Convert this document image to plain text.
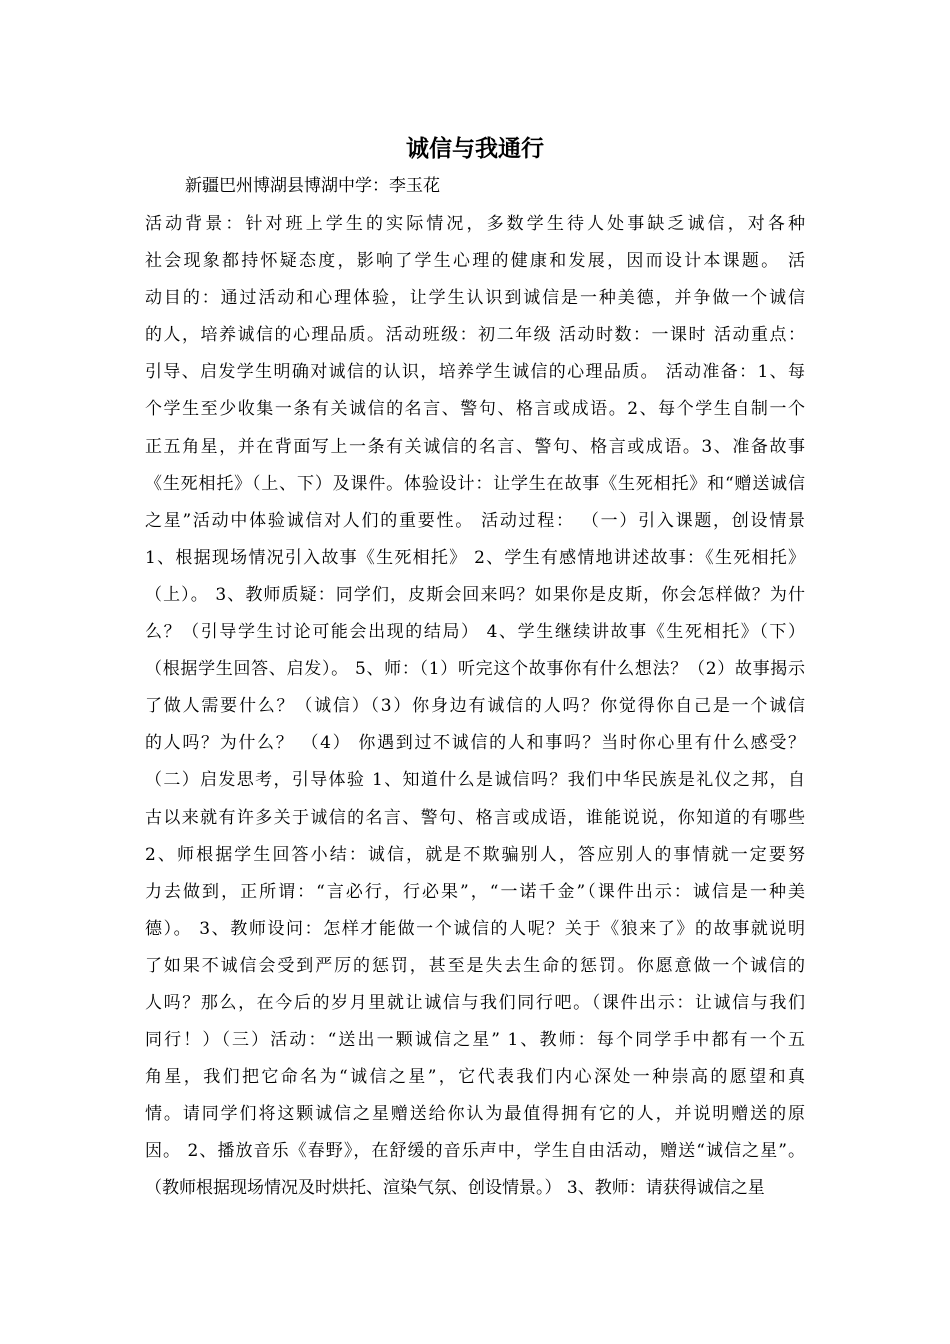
诚信与我通行

新疆巴州博湖县博湖中学：李玉花

活动背景：针对班上学生的实际情况，多数学生待人处事缺乏诚信，对各种
社会现象都持怀疑态度，影响了学生心理的健康和发展，因而设计本课题。 活
动目的：通过活动和心理体验，让学生认识到诚信是一种美德，并争做一个诚信
的人，培养诚信的心理品质。活动班级：初二年级 活动时数：一课时 活动重点：
引导、启发学生明确对诚信的认识，培养学生诚信的心理品质。 活动准备：1、每
个学生至少收集一条有关诚信的名言、警句、格言或成语。2、每个学生自制一个
正五角星，并在背面写上一条有关诚信的名言、警句、格言或成语。3、准备故事
《生死相托》（上、下）及课件。体验设计：让学生在故事《生死相托》和“赠送诚信
之星”活动中体验诚信对人们的重要性。 活动过程： （一）引入课题，创设情景
1、根据现场情况引入故事《生死相托》 2、学生有感情地讲述故事：《生死相托》
（上）。 3、教师质疑：同学们，皮斯会回来吗？如果你是皮斯，你会怎样做？为什
么？（引导学生讨论可能会出现的结局） 4、学生继续讲故事《生死相托》（下）
（根据学生回答、启发）。 5、师：（1）听完这个故事你有什么想法？（2）故事揭示
了做人需要什么？（诚信）（3）你身边有诚信的人吗？你觉得你自己是一个诚信
的人吗？为什么？ （4） 你遇到过不诚信的人和事吗？当时你心里有什么感受？
（二）启发思考，引导体验 1、知道什么是诚信吗？我们中华民族是礼仪之邦，自
古以来就有许多关于诚信的名言、警句、格言或成语，谁能说说，你知道的有哪些
2、师根据学生回答小结：诚信，就是不欺骗别人，答应别人的事情就一定要努
力去做到，正所谓：“言必行，行必果”，“一诺千金”（课件出示：诚信是一种美
德）。 3、教师设问：怎样才能做一个诚信的人呢？关于《狼来了》的故事就说明
了如果不诚信会受到严厉的惩罚，甚至是失去生命的惩罚。你愿意做一个诚信的
人吗？那么，在今后的岁月里就让诚信与我们同行吧。（课件出示：让诚信与我们
同行！）（三）活动：“送出一颗诚信之星” 1、教师：每个同学手中都有一个五
角星，我们把它命名为“诚信之星”，它代表我们内心深处一种崇高的愿望和真
情。请同学们将这颗诚信之星赠送给你认为最值得拥有它的人，并说明赠送的原
因。 2、播放音乐《春野》，在舒缓的音乐声中，学生自由活动，赠送“诚信之星”。
（教师根据现场情况及时烘托、渲染气氛、创设情景。） 3、教师：请获得诚信之星
